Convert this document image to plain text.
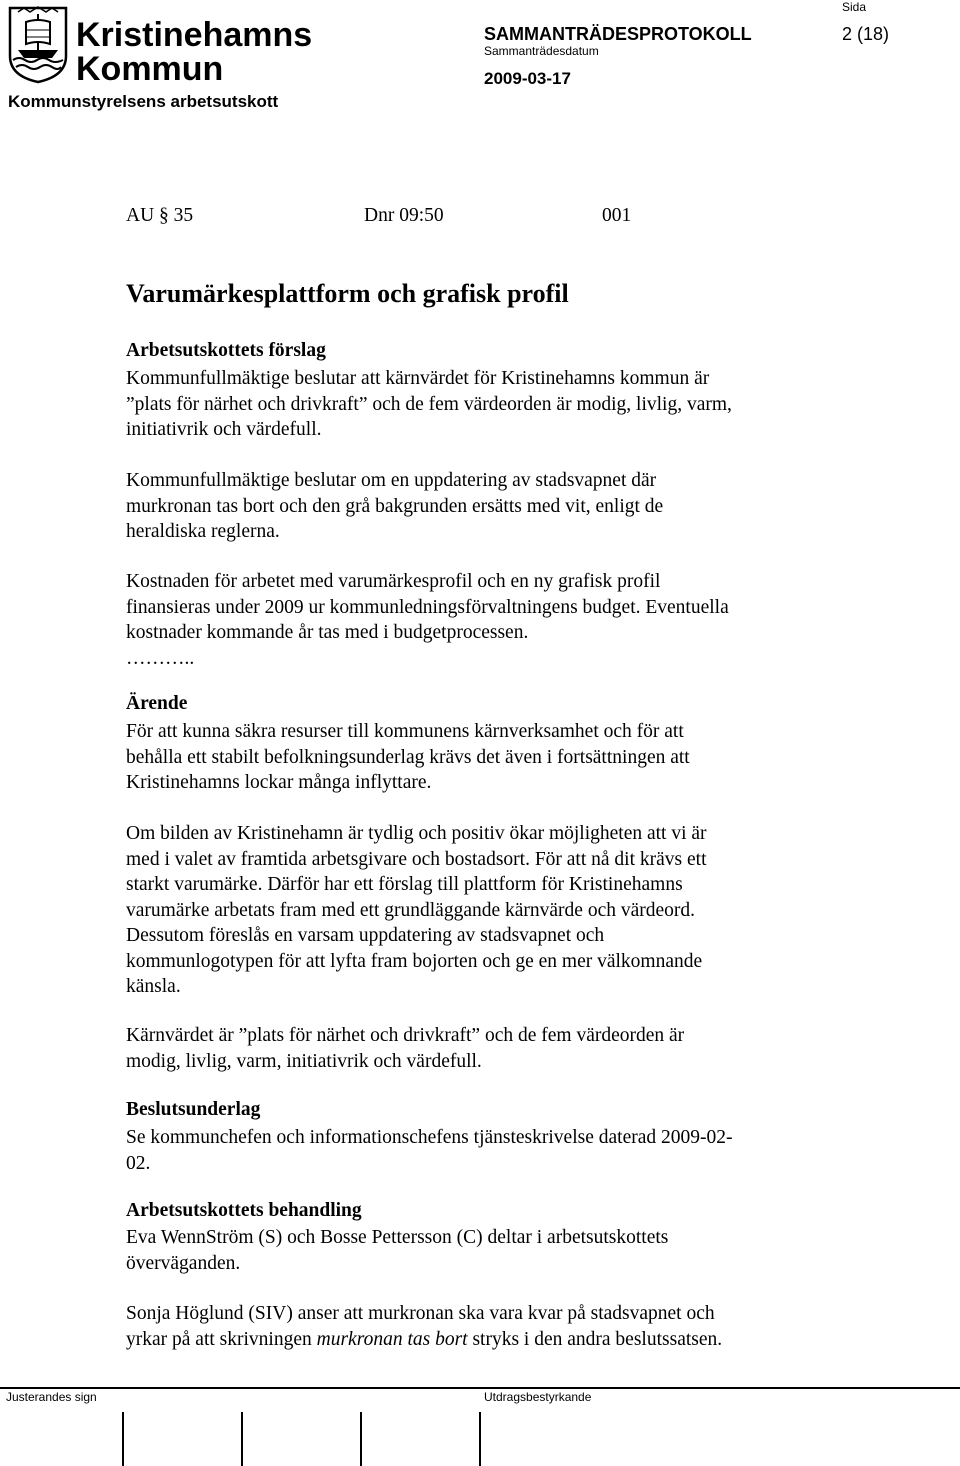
Kristinehamns
Kommun
Kommunstyrelsens arbetsutskott
SAMMANTRÄDESPROTOKOLL
Sammanträdesdatum
2009-03-17
Sida
2 (18)
AU § 35	Dnr 09:50	001
Varumärkesplattform och grafisk profil
Arbetsutskottets förslag
Kommunfullmäktige beslutar att kärnvärdet för Kristinehamns kommun är
”plats för närhet och drivkraft” och de fem värdeorden är modig, livlig, varm,
initiativrik och värdefull.
Kommunfullmäktige beslutar om en uppdatering av stadsvapnet där
murkronan tas bort och den grå bakgrunden ersätts med vit, enligt de
heraldiska reglerna.
Kostnaden för arbetet med varumärkesprofil och en ny grafisk profil
finansieras under 2009 ur kommunledningsförvaltningens budget. Eventuella
kostnader kommande år tas med i budgetprocessen.
………..
Ärende
För att kunna säkra resurser till kommunens kärnverksamhet och för att
behålla ett stabilt befolkningsunderlag krävs det även i fortsättningen att
Kristinehamns lockar många inflyttare.
Om bilden av Kristinehamn är tydlig och positiv ökar möjligheten att vi är
med i valet av framtida arbetsgivare och bostadsort. För att nå dit krävs ett
starkt varumärke. Därför har ett förslag till plattform för Kristinehamns
varumärke arbetats fram med ett grundläggande kärnvärde och värdeord.
Dessutom föreslås en varsam uppdatering av stadsvapnet och
kommunlogotypen för att lyfta fram bojorten och ge en mer välkomnande
känsla.
Kärnvärdet är ”plats för närhet och drivkraft” och de fem värdeorden är
modig, livlig, varm, initiativrik och värdefull.
Beslutsunderlag
Se kommunchefen och informationschefens tjänsteskrivelse daterad 2009-02-
02.
Arbetsutskottets behandling
Eva WennStröm (S) och Bosse Pettersson (C) deltar i arbetsutskottets
överväganden.
Sonja Höglund (SIV) anser att murkronan ska vara kvar på stadsvapnet och
yrkar på att skrivningen murkronan tas bort stryks i den andra beslutssatsen.
Justerandes sign	Utdragsbestyrkande
